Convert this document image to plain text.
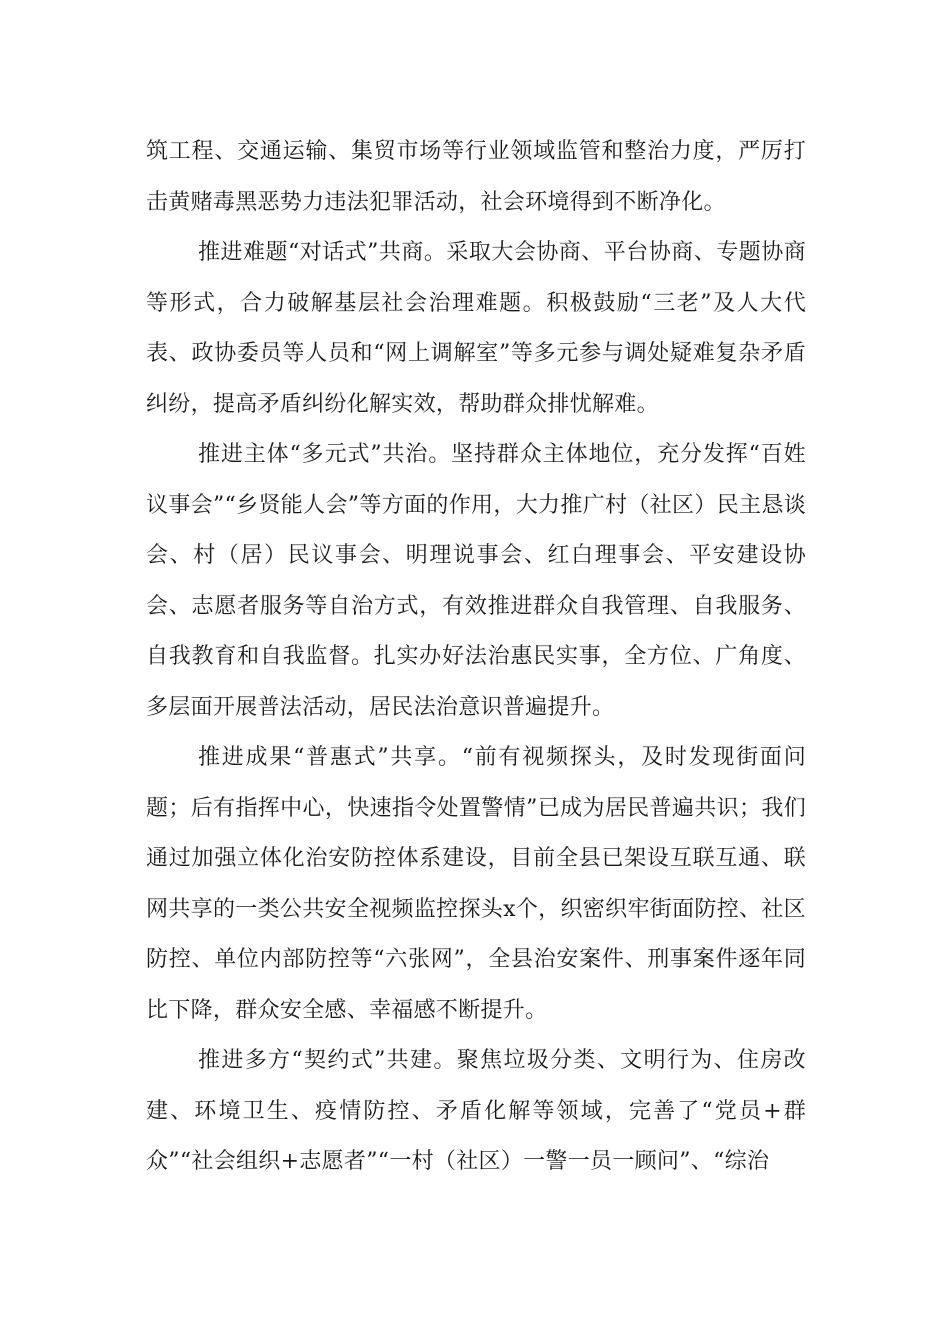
筑工程、交通运输、集贸市场等行业领域监管和整治力度，严厉打击黄赌毒黑恶势力违法犯罪活动，社会环境得到不断净化。

推进难题“对话式”共商。采取大会协商、平台协商、专题协商等形式，合力破解基层社会治理难题。积极鼓励“三老”及人大代表、政协委员等人员和“网上调解室”等多元参与调处疑难复杂矛盾纠纷，提高矛盾纠纷化解实效，帮助群众排忧解难。

推进主体“多元式”共治。坚持群众主体地位，充分发挥“百姓议事会”“乡贤能人会”等方面的作用，大力推广村（社区）民主恳谈会、村（居）民议事会、明理说事会、红白理事会、平安建设协会、志愿者服务等自治方式，有效推进群众自我管理、自我服务、自我教育和自我监督。扎实办好法治惠民实事，全方位、广角度、多层面开展普法活动，居民法治意识普遍提升。

推进成果“普惠式”共享。“前有视频探头，及时发现街面问题；后有指挥中心，快速指令处置警情”已成为居民普遍共识；我们通过加强立体化治安防控体系建设，目前全县已架设互联互通、联网共享的一类公共安全视频监控探头x个，织密织牢街面防控、社区防控、单位内部防控等“六张网”，全县治安案件、刑事案件逐年同比下降，群众安全感、幸福感不断提升。

推进多方“契约式”共建。聚焦垃圾分类、文明行为、住房改建、环境卫生、疫情防控、矛盾化解等领域，完善了“党员+群众”“社会组织+志愿者”“一村（社区）一警一员一顾问”、“综治
